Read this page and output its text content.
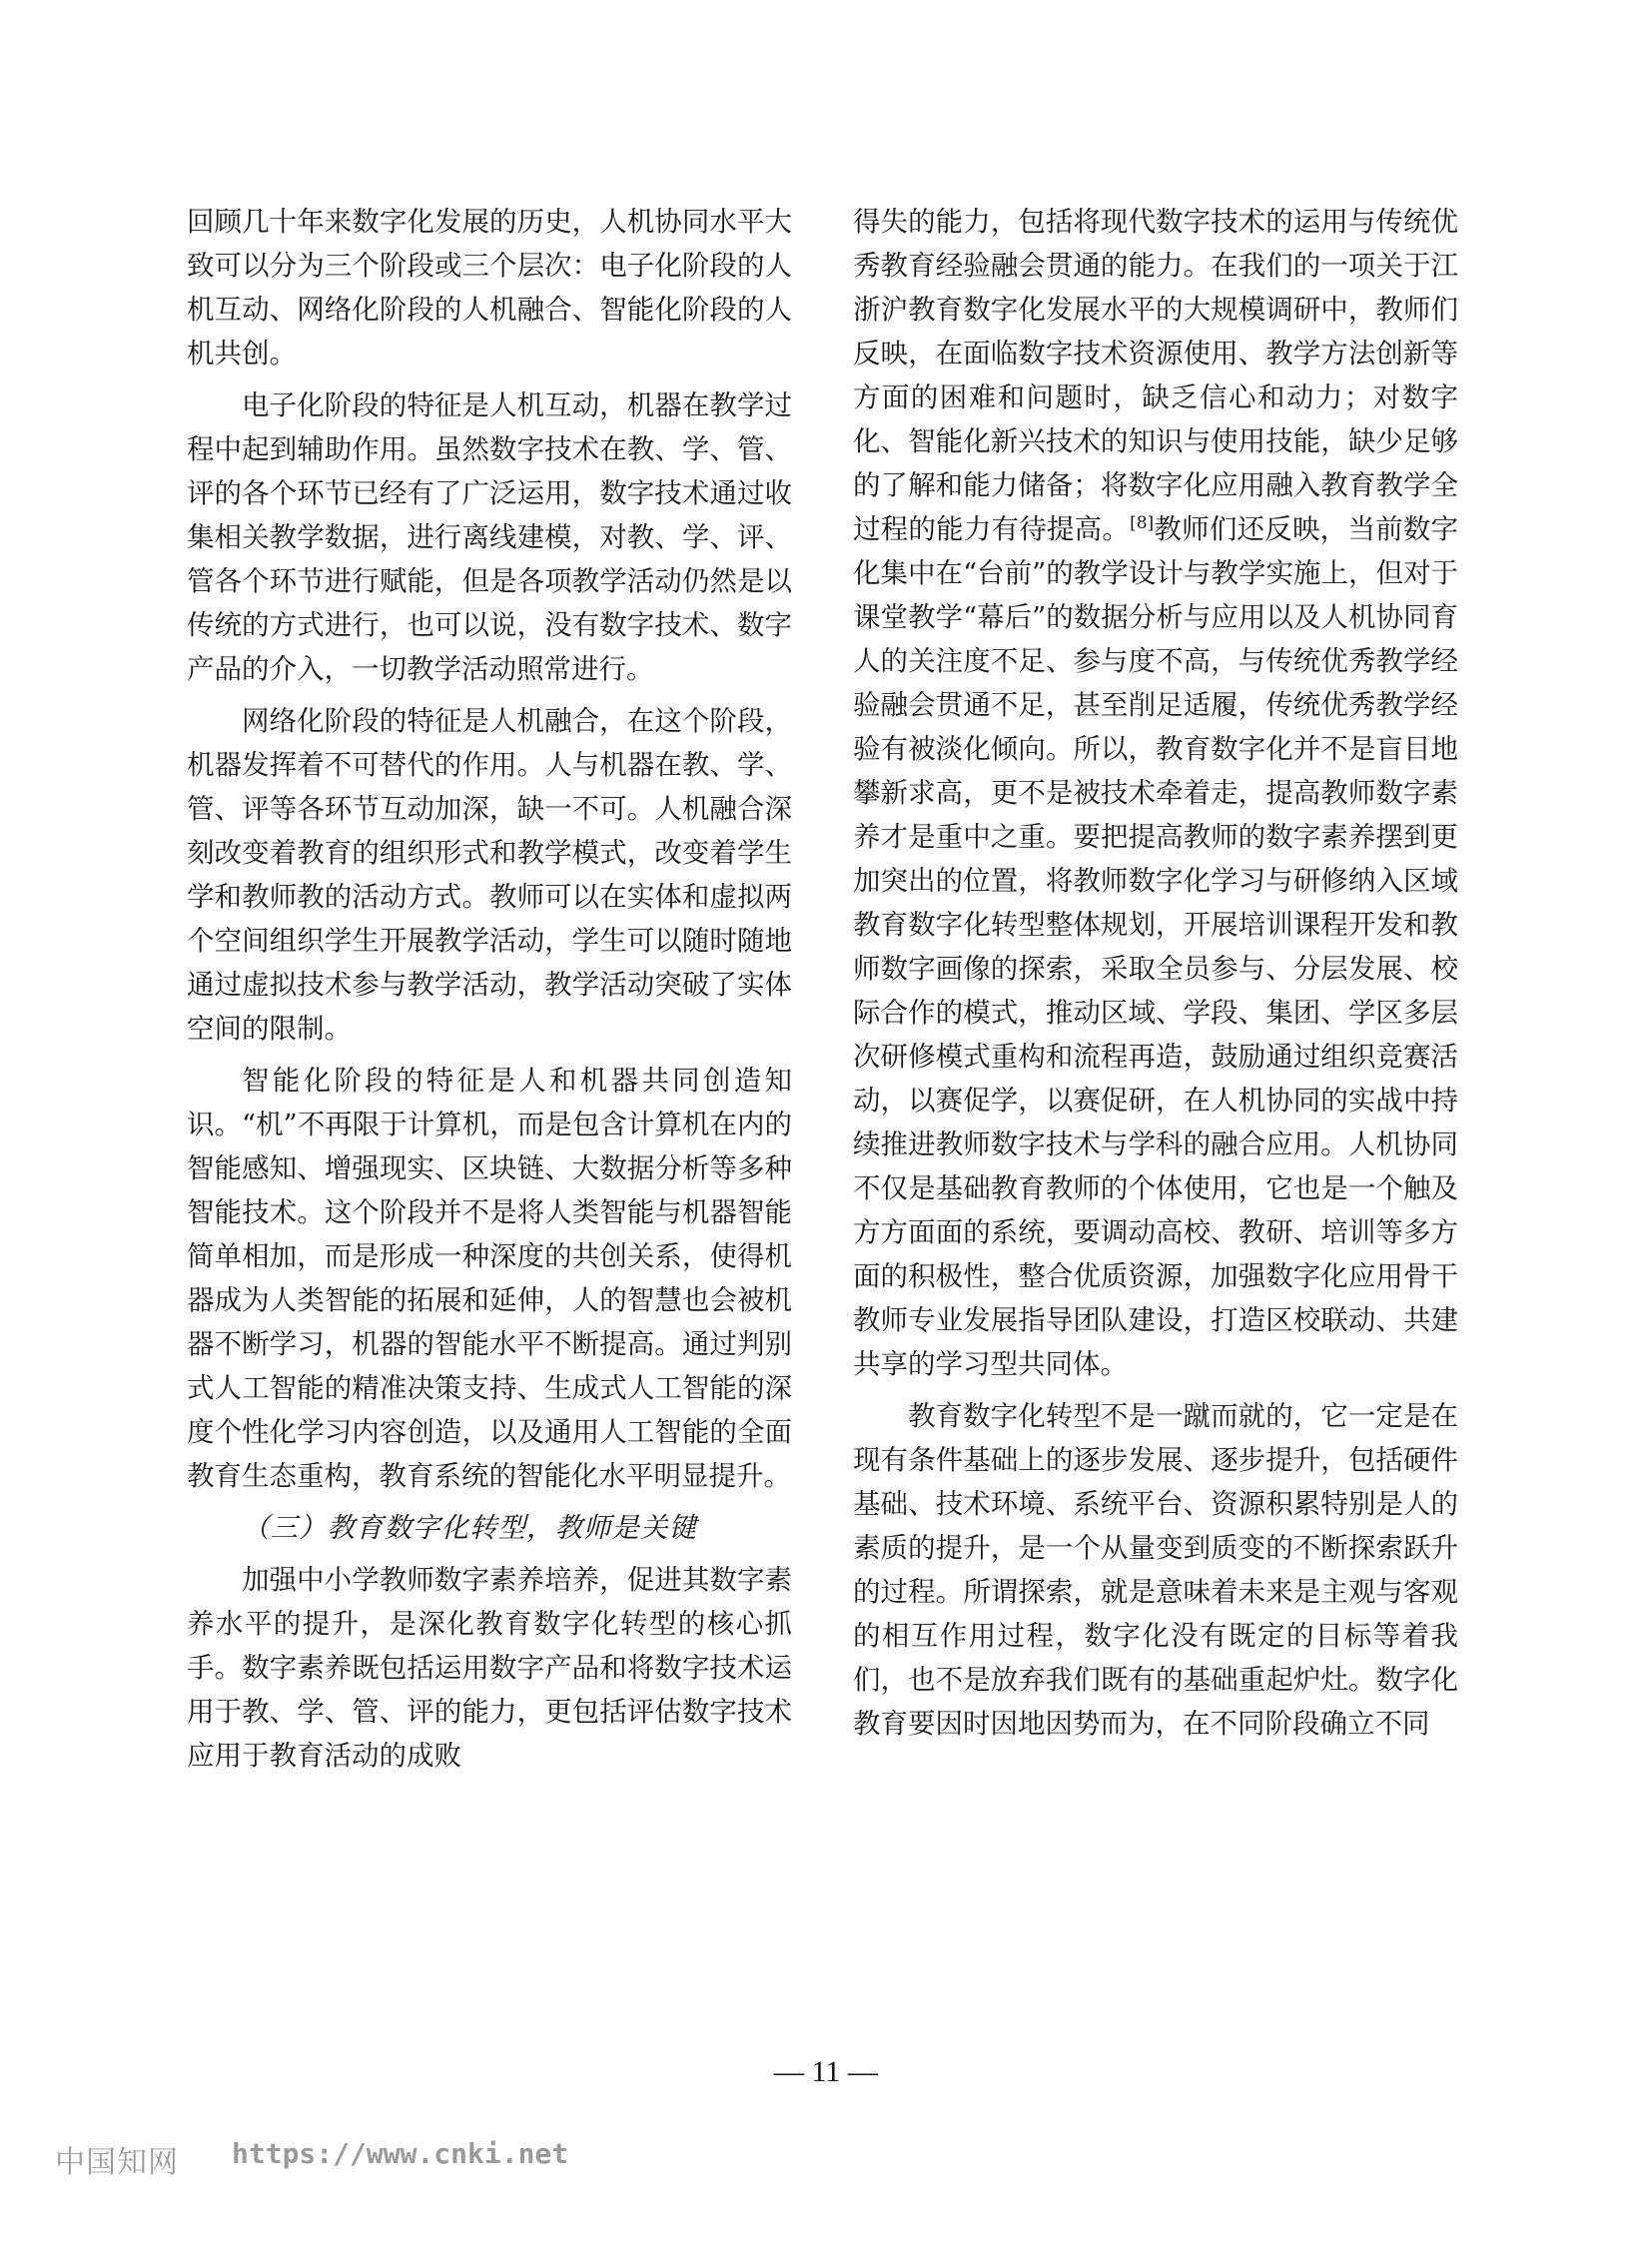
回顾几十年来数字化发展的历史，人机协同水平大致可以分为三个阶段或三个层次：电子化阶段的人机互动、网络化阶段的人机融合、智能化阶段的人机共创。

电子化阶段的特征是人机互动，机器在教学过程中起到辅助作用。虽然数字技术在教、学、管、评的各个环节已经有了广泛运用，数字技术通过收集相关教学数据，进行离线建模，对教、学、评、管各个环节进行赋能，但是各项教学活动仍然是以传统的方式进行，也可以说，没有数字技术、数字产品的介入，一切教学活动照常进行。

网络化阶段的特征是人机融合，在这个阶段，机器发挥着不可替代的作用。人与机器在教、学、管、评等各环节互动加深，缺一不可。人机融合深刻改变着教育的组织形式和教学模式，改变着学生学和教师教的活动方式。教师可以在实体和虚拟两个空间组织学生开展教学活动，学生可以随时随地通过虚拟技术参与教学活动，教学活动突破了实体空间的限制。

智能化阶段的特征是人和机器共同创造知识。“机”不再限于计算机，而是包含计算机在内的智能感知、增强现实、区块链、大数据分析等多种智能技术。这个阶段并不是将人类智能与机器智能简单相加，而是形成一种深度的共创关系，使得机器成为人类智能的拓展和延伸，人的智慧也会被机器不断学习，机器的智能水平不断提高。通过判别式人工智能的精准决策支持、生成式人工智能的深度个性化学习内容创造，以及通用人工智能的全面教育生态重构，教育系统的智能化水平明显提升。

（三）教育数字化转型，教师是关键

加强中小学教师数字素养培养，促进其数字素养水平的提升，是深化教育数字化转型的核心抓手。数字素养既包括运用数字产品和将数字技术运用于教、学、管、评的能力，更包括评估数字技术应用于教育活动的成败

得失的能力，包括将现代数字技术的运用与传统优秀教育经验融会贯通的能力。在我们的一项关于江浙沪教育数字化发展水平的大规模调研中，教师们反映，在面临数字技术资源使用、教学方法创新等方面的困难和问题时，缺乏信心和动力；对数字化、智能化新兴技术的知识与使用技能，缺少足够的了解和能力储备；将数字化应用融入教育教学全过程的能力有待提高。[8]教师们还反映，当前数字化集中在“台前”的教学设计与教学实施上，但对于课堂教学“幕后”的数据分析与应用以及人机协同育人的关注度不足、参与度不高，与传统优秀教学经验融会贯通不足，甚至削足适履，传统优秀教学经验有被淡化倾向。所以，教育数字化并不是盲目地攀新求高，更不是被技术牵着走，提高教师数字素养才是重中之重。要把提高教师的数字素养摆到更加突出的位置，将教师数字化学习与研修纳入区域教育数字化转型整体规划，开展培训课程开发和教师数字画像的探索，采取全员参与、分层发展、校际合作的模式，推动区域、学段、集团、学区多层次研修模式重构和流程再造，鼓励通过组织竞赛活动，以赛促学，以赛促研，在人机协同的实战中持续推进教师数字技术与学科的融合应用。人机协同不仅是基础教育教师的个体使用，它也是一个触及方方面面的系统，要调动高校、教研、培训等多方面的积极性，整合优质资源，加强数字化应用骨干教师专业发展指导团队建设，打造区校联动、共建共享的学习型共同体。

教育数字化转型不是一蹴而就的，它一定是在现有条件基础上的逐步发展、逐步提升，包括硬件基础、技术环境、系统平台、资源积累特别是人的素质的提升，是一个从量变到质变的不断探索跃升的过程。所谓探索，就是意味着未来是主观与客观的相互作用过程，数字化没有既定的目标等着我们，也不是放弃我们既有的基础重起炉灶。数字化教育要因时因地因势而为，在不同阶段确立不同

— 11 —
中国知网 https://www.cnki.net
